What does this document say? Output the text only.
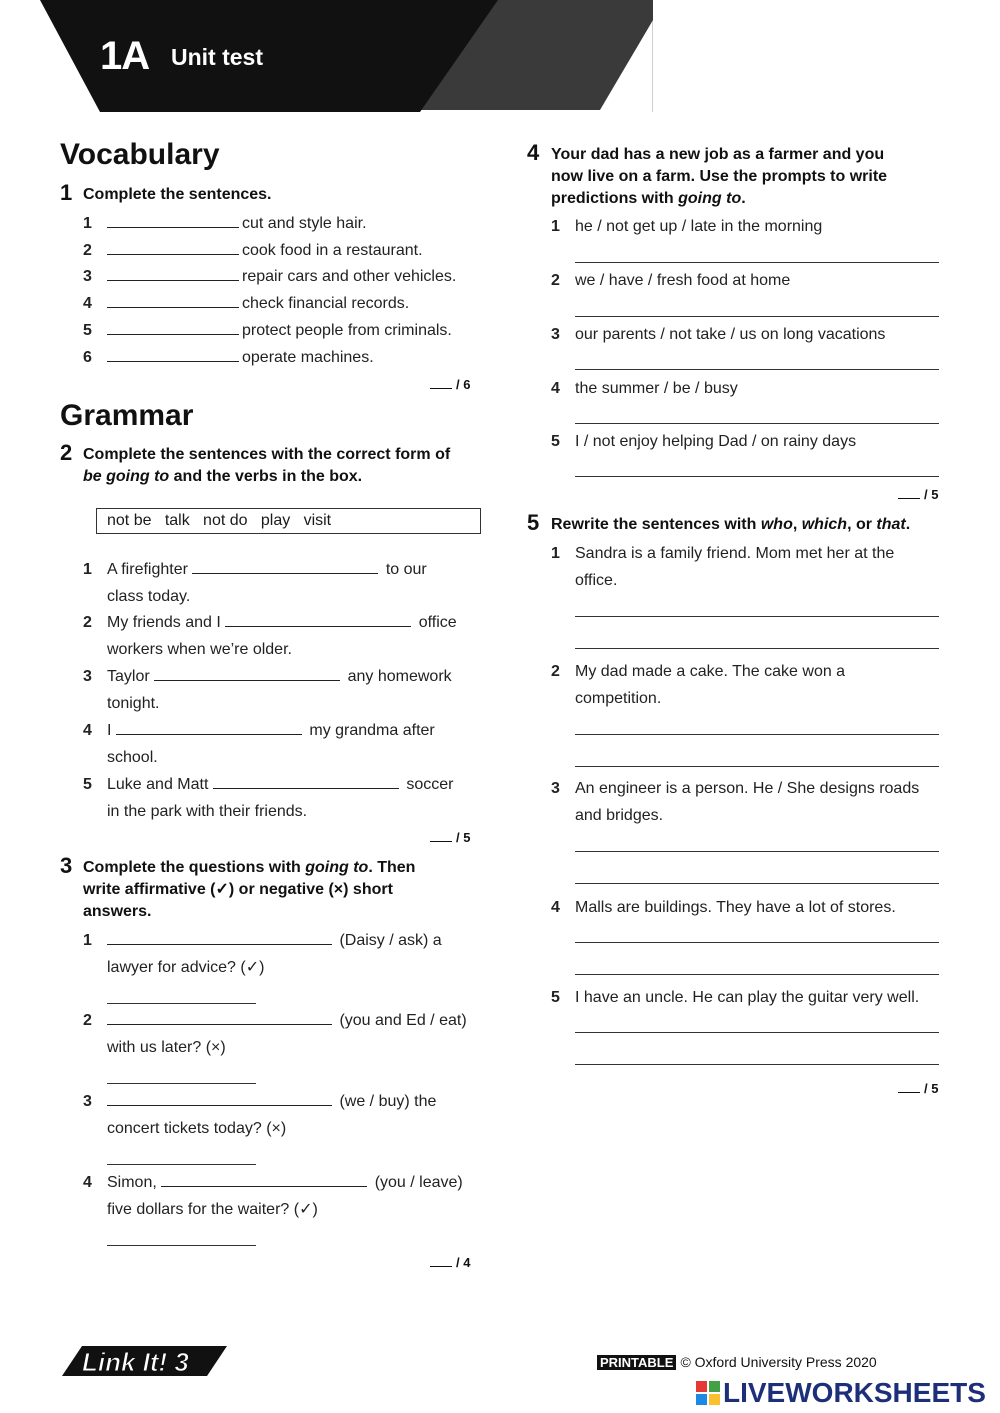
1A Unit test
Vocabulary
1 Complete the sentences.
1	cut and style hair.
2	cook food in a restaurant.
3	repair cars and other vehicles.
4	check financial records.
5	protect people from criminals.
6	operate machines.
/ 6
Grammar
2 Complete the sentences with the correct form of
be going to and the verbs in the box.
not be   talk   not do   play   visit
1 A firefighter	to our
class today.
2 My friends and I	office
workers when we’re older.
3 Taylor	any homework
tonight.
4 I	my grandma after
school.
5 Luke and Matt	soccer
in the park with their friends.
/ 5
3 Complete the questions with going to. Then
write affirmative (✓) or negative (×) short
answers.
1	(Daisy / ask) a
lawyer for advice? (✓)
2	(you and Ed / eat)
with us later? (×)
3	(we / buy) the
concert tickets today? (×)
4 Simon,	(you / leave)
five dollars for the waiter? (✓)
/ 4
4 Your dad has a new job as a farmer and you
now live on a farm. Use the prompts to write
predictions with going to.
1 he / not get up / late in the morning
2 we / have / fresh food at home
3 our parents / not take / us on long vacations
4 the summer / be / busy
5 I / not enjoy helping Dad / on rainy days
/ 5
5 Rewrite the sentences with who, which, or that.
1 Sandra is a family friend. Mom met her at the
office.
2 My dad made a cake. The cake won a
competition.
3 An engineer is a person. He / She designs roads
and bridges.
4 Malls are buildings. They have a lot of stores.
5 I have an uncle. He can play the guitar very well.
/ 5
Link It! 3	PRINTABLE © Oxford University Press 2020
LIVEWORKSHEETS
